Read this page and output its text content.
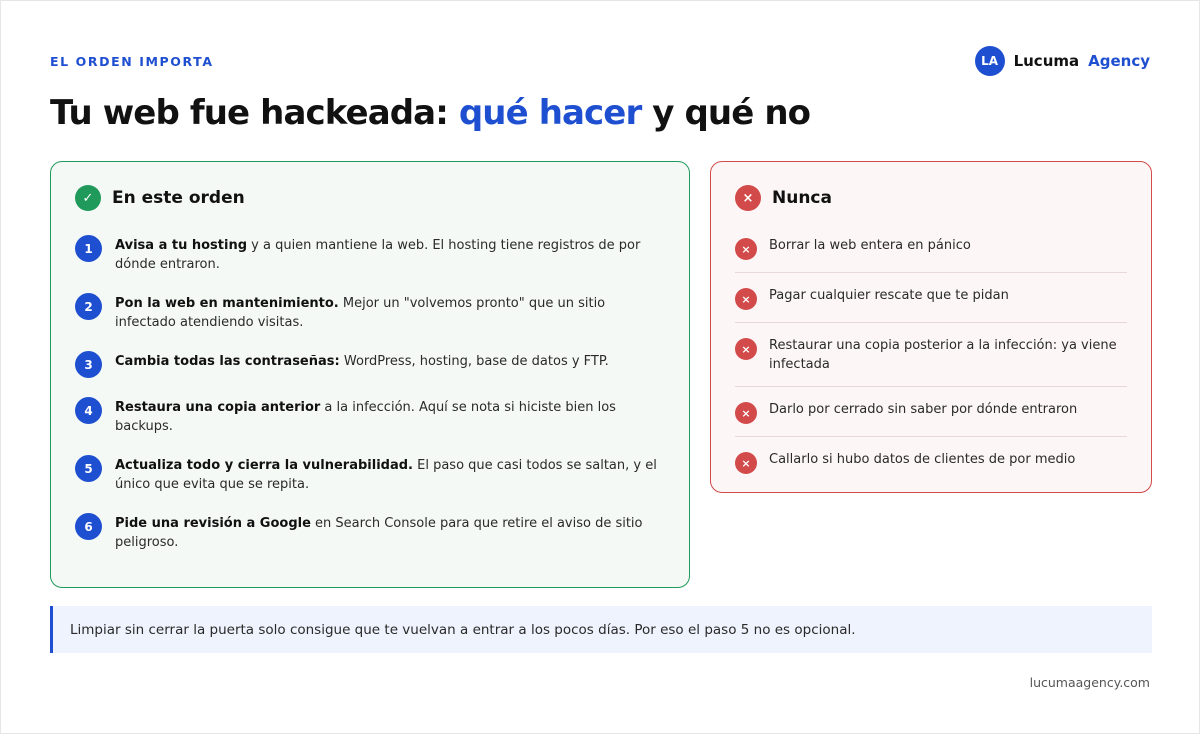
EL ORDEN IMPORTA	LA	Lucuma Agency
Tu web fue hackeada: qué hacer y qué no
✓	En este orden
1	Avisa a tu hosting y a quien mantiene la web. El hosting tiene registros de por dónde entraron.

2	Pon la web en mantenimiento. Mejor un "volvemos pronto" que un sitio infectado atendiendo visitas.

3	Cambia todas las contraseñas: WordPress, hosting, base de datos y FTP.

4	Restaura una copia anterior a la infección. Aquí se nota si hiciste bien los backups.

5	Actualiza todo y cierra la vulnerabilidad. El paso que casi todos se saltan, y el único que evita que se repita.

6	Pide una revisión a Google en Search Console para que retire el aviso de sitio peligroso.

×	Nunca
×	Borrar la web entera en pánico
×	Pagar cualquier rescate que te pidan
×	Restaurar una copia posterior a la infección: ya viene infectada
×	Darlo por cerrado sin saber por dónde entraron
×	Callarlo si hubo datos de clientes de por medio
Limpiar sin cerrar la puerta solo consigue que te vuelvan a entrar a los pocos días. Por eso el paso 5 no es opcional.
lucumaagency.com
